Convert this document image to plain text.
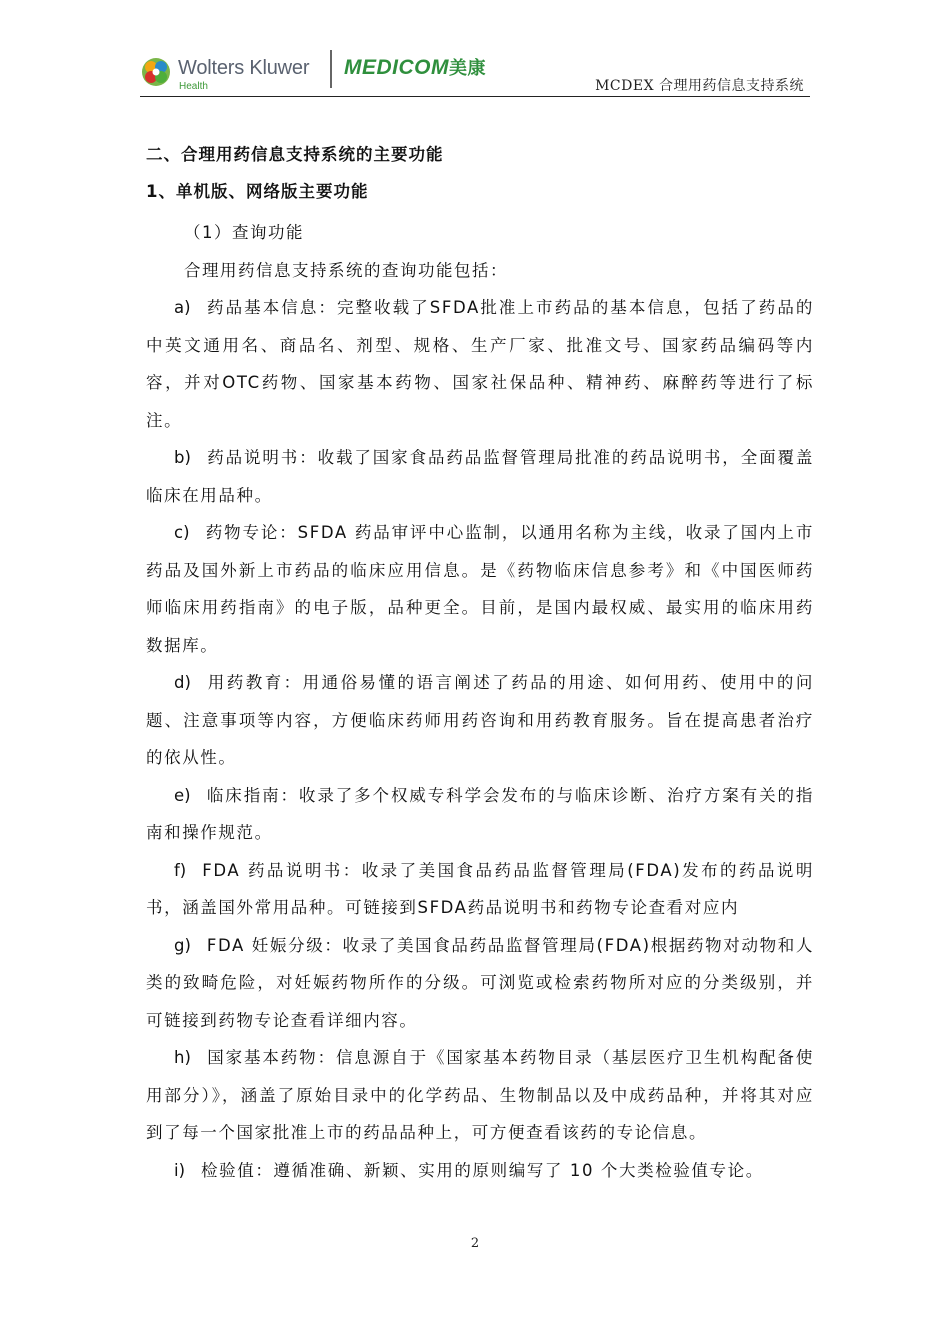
Wolters Kluwer
Health
MEDICOM美康
MCDEX 合理用药信息支持系统
二、合理用药信息支持系统的主要功能
1、单机版、网络版主要功能
（1）查询功能
合理用药信息支持系统的查询功能包括：

a) 药品基本信息：完整收载了SFDA批准上市药品的基本信息，包括了药品的中英文通用名、商品名、剂型、规格、生产厂家、批准文号、国家药品编码等内容，并对OTC药物、国家基本药物、国家社保品种、精神药、麻醉药等进行了标注。

b) 药品说明书：收载了国家食品药品监督管理局批准的药品说明书，全面覆盖临床在用品种。

c) 药物专论：SFDA 药品审评中心监制，以通用名称为主线，收录了国内上市药品及国外新上市药品的临床应用信息。是《药物临床信息参考》和《中国医师药师临床用药指南》的电子版，品种更全。目前，是国内最权威、最实用的临床用药数据库。

d) 用药教育：用通俗易懂的语言阐述了药品的用途、如何用药、使用中的问题、注意事项等内容，方便临床药师用药咨询和用药教育服务。旨在提高患者治疗的依从性。

e) 临床指南：收录了多个权威专科学会发布的与临床诊断、治疗方案有关的指南和操作规范。

f) FDA 药品说明书：收录了美国食品药品监督管理局(FDA)发布的药品说明书，涵盖国外常用品种。可链接到SFDA药品说明书和药物专论查看对应内

g) FDA 妊娠分级：收录了美国食品药品监督管理局(FDA)根据药物对动物和人类的致畸危险，对妊娠药物所作的分级。可浏览或检索药物所对应的分类级别，并可链接到药物专论查看详细内容。

h) 国家基本药物：信息源自于《国家基本药物目录（基层医疗卫生机构配备使用部分）》，涵盖了原始目录中的化学药品、生物制品以及中成药品种，并将其对应到了每一个国家批准上市的药品品种上，可方便查看该药的专论信息。

i) 检验值：遵循准确、新颖、实用的原则编写了 10 个大类检验值专论。

2
